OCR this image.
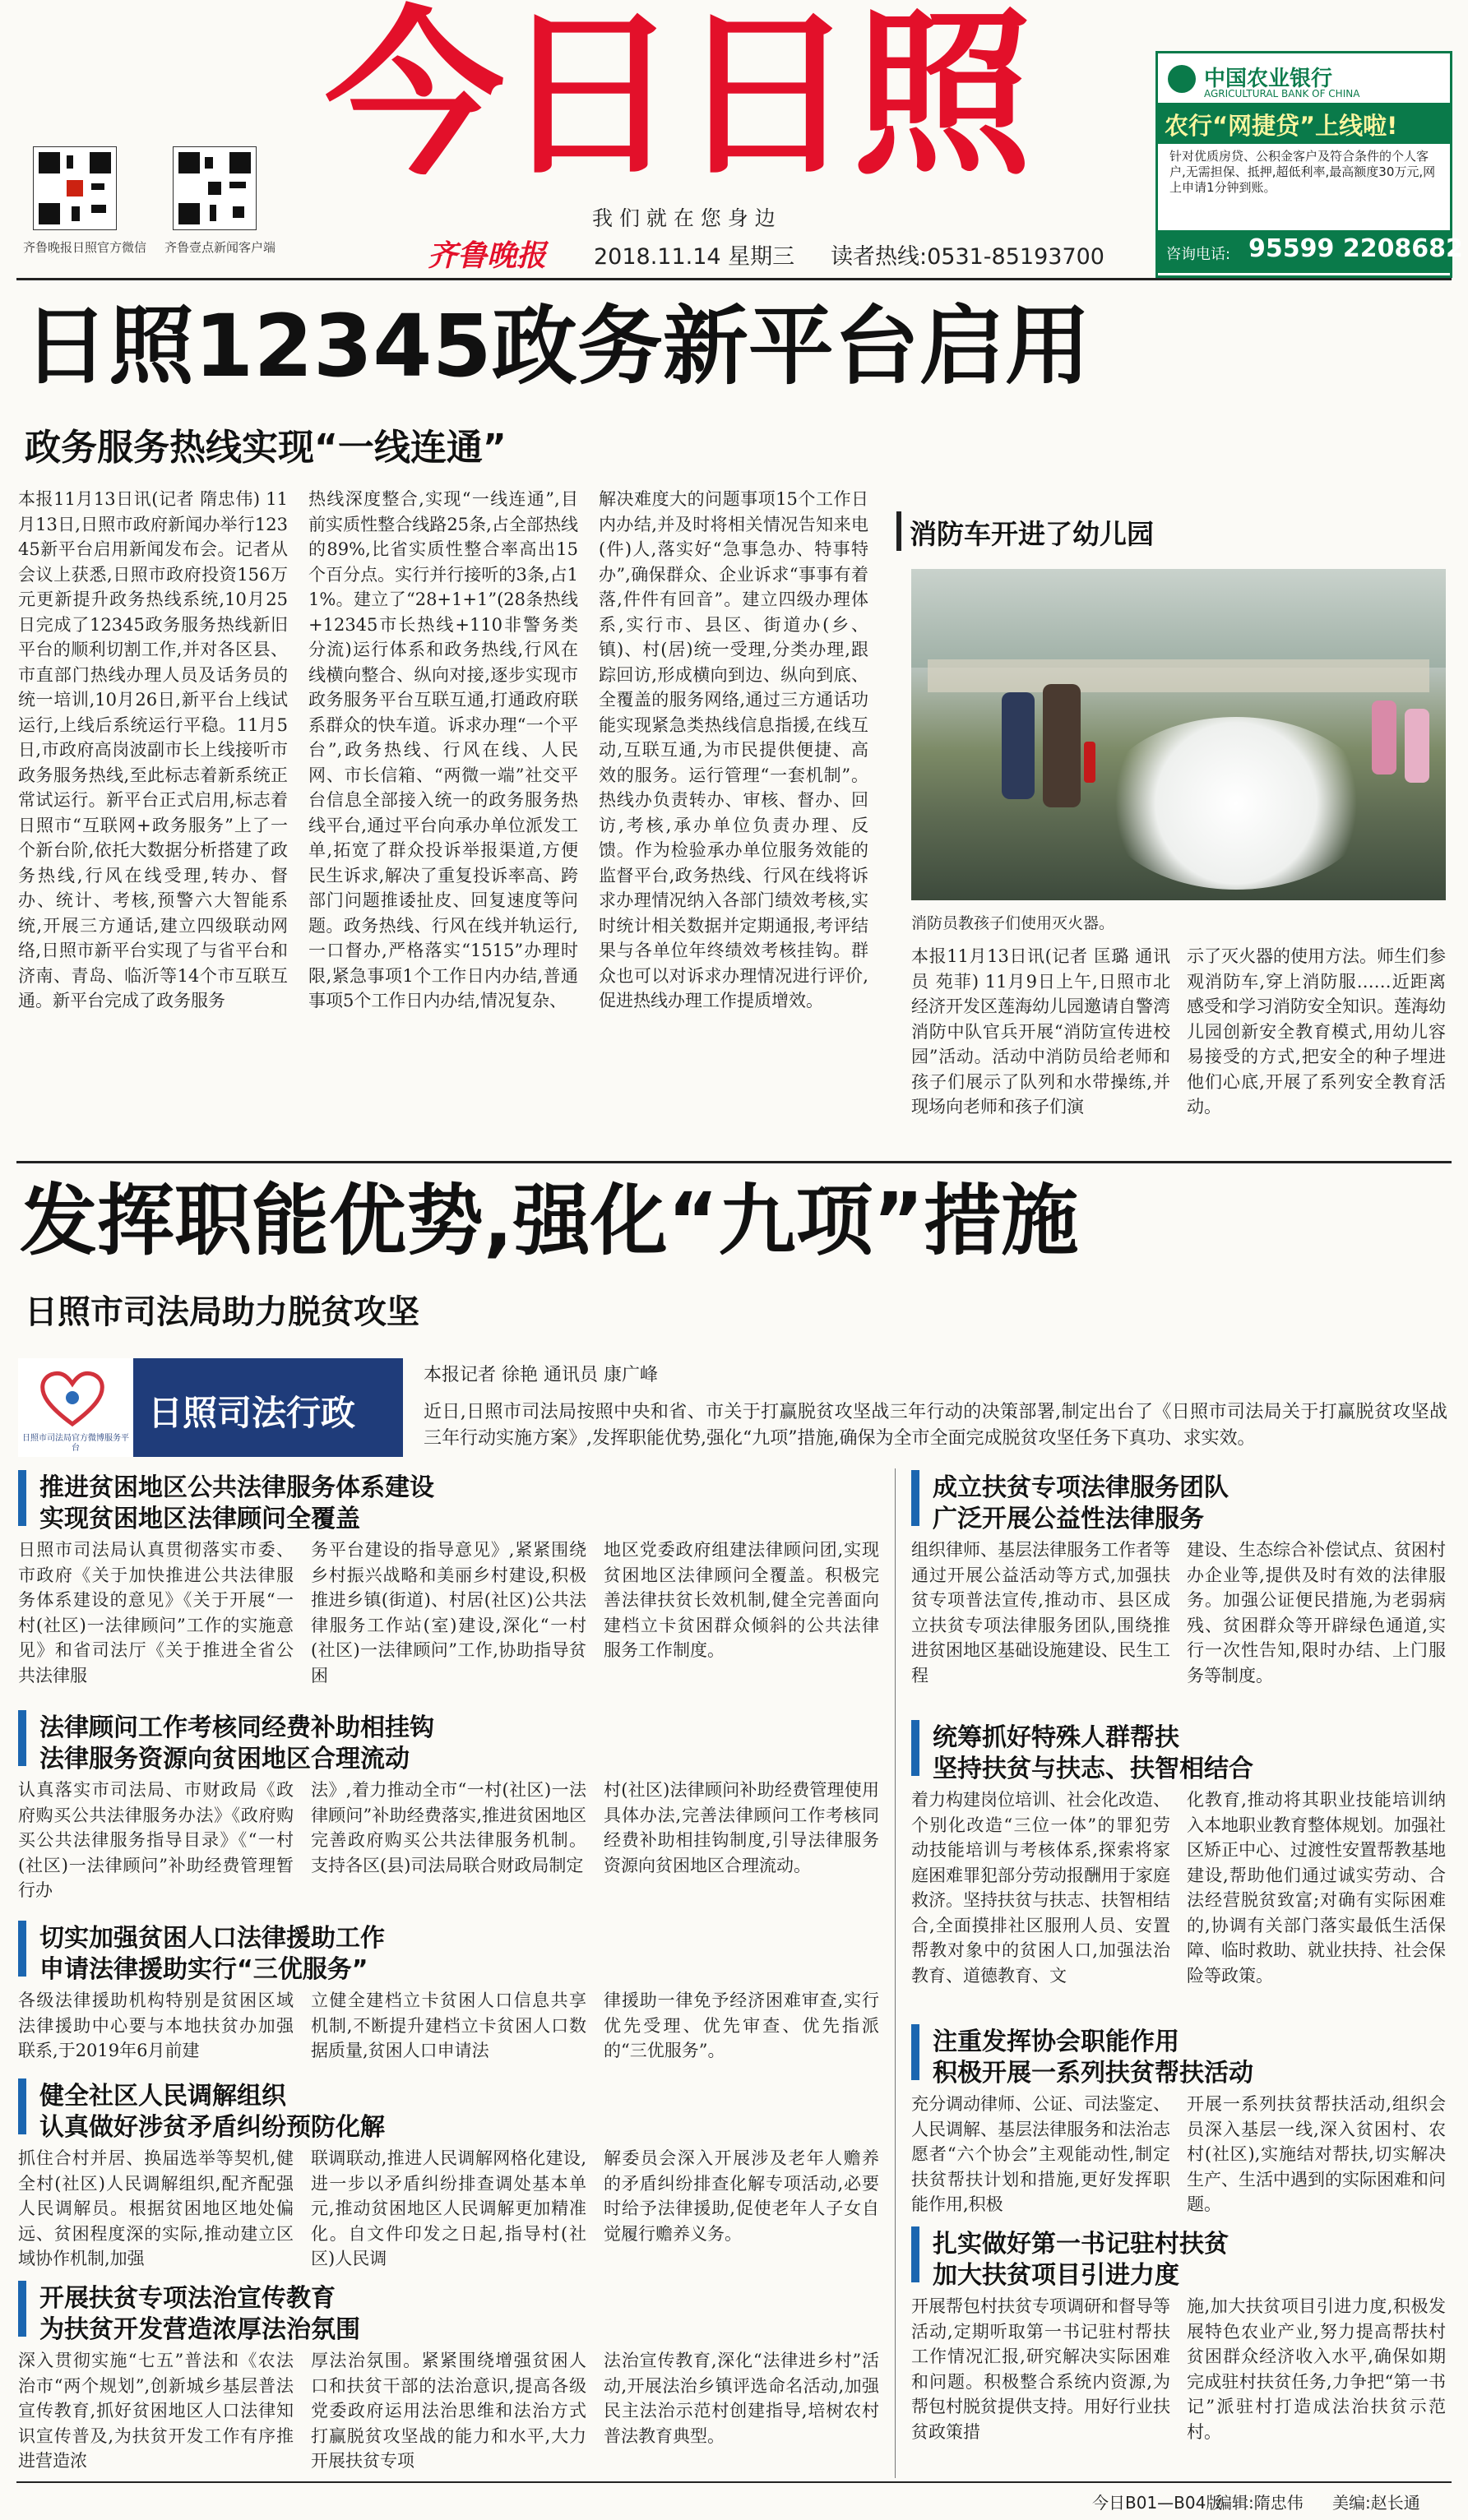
齐鲁晚报日照官方微信 齐鲁壹点新闻客户端
今日日照
我 们 就 在 您 身 边
齐鲁晚报 2018.11.14 星期三 读者热线:0531-85193700
中国农业银行
AGRICULTURAL BANK OF CHINA
农行“网捷贷”上线啦!
针对优质房贷、公积金客户及符合条件的个人客户,无需担保、抵押,超低利率,最高额度30万元,网上申请1分钟到账。
咨询电话: 95599 2208682
日照12345政务新平台启用
政务服务热线实现“一线连通”
本报11月13日讯(记者 隋忠伟) 11月13日,日照市政府新闻办举行12345新平台启用新闻发布会。记者从会议上获悉,日照市政府投资156万元更新提升政务热线系统,10月25日完成了12345政务服务热线新旧平台的顺利切割工作,并对各区县、市直部门热线办理人员及话务员的统一培训,10月26日,新平台上线试运行,上线后系统运行平稳。11月5日,市政府高岗波副市长上线接听市政务服务热线,至此标志着新系统正常试运行。新平台正式启用,标志着日照市“互联网+政务服务”上了一个新台阶,依托大数据分析搭建了政务热线,行风在线受理,转办、督办、统计、考核,预警六大智能系统,开展三方通话,建立四级联动网络,日照市新平台实现了与省平台和济南、青岛、临沂等14个市互联互通。新平台完成了政务服务
热线深度整合,实现“一线连通”,目前实质性整合线路25条,占全部热线的89%,比省实质性整合率高出15个百分点。实行并行接听的3条,占11%。建立了“28+1+1”(28条热线+12345市长热线+110非警务类分流)运行体系和政务热线,行风在线横向整合、纵向对接,逐步实现市政务服务平台互联互通,打通政府联系群众的快车道。诉求办理“一个平台”,政务热线、行风在线、人民网、市长信箱、“两微一端”社交平台信息全部接入统一的政务服务热线平台,通过平台向承办单位派发工单,拓宽了群众投诉举报渠道,方便民生诉求,解决了重复投诉率高、跨部门问题推诿扯皮、回复速度等问题。政务热线、行风在线并轨运行,一口督办,严格落实“1515”办理时限,紧急事项1个工作日内办结,普通事项5个工作日内办结,情况复杂、
解决难度大的问题事项15个工作日内办结,并及时将相关情况告知来电(件)人,落实好“急事急办、特事特办”,确保群众、企业诉求“事事有着落,件件有回音”。建立四级办理体系,实行市、县区、街道办(乡、镇)、村(居)统一受理,分类办理,跟踪回访,形成横向到边、纵向到底、全覆盖的服务网络,通过三方通话功能实现紧急类热线信息指援,在线互动,互联互通,为市民提供便捷、高效的服务。运行管理“一套机制”。热线办负责转办、审核、督办、回访,考核,承办单位负责办理、反馈。作为检验承办单位服务效能的监督平台,政务热线、行风在线将诉求办理情况纳入各部门绩效考核,实时统计相关数据并定期通报,考评结果与各单位年终绩效考核挂钩。群众也可以对诉求办理情况进行评价,促进热线办理工作提质增效。
消防车开进了幼儿园
消防员教孩子们使用灭火器。
本报11月13日讯(记者 匡璐 通讯员 苑菲) 11月9日上午,日照市北经济开发区莲海幼儿园邀请自警湾消防中队官兵开展“消防宣传进校园”活动。活动中消防员给老师和孩子们展示了队列和水带操练,并现场向老师和孩子们演
示了灭火器的使用方法。师生们参观消防车,穿上消防服……近距离感受和学习消防安全知识。莲海幼儿园创新安全教育模式,用幼儿容易接受的方式,把安全的种子埋进他们心底,开展了系列安全教育活动。
发挥职能优势,强化“九项”措施
日照市司法局助力脱贫攻坚
日照市司法局官方微博服务平台
日照司法行政
本报记者 徐艳 通讯员 康广峰
近日,日照市司法局按照中央和省、市关于打赢脱贫攻坚战三年行动的决策部署,制定出台了《日照市司法局关于打赢脱贫攻坚战三年行动实施方案》,发挥职能优势,强化“九项”措施,确保为全市全面完成脱贫攻坚任务下真功、求实效。
推进贫困地区公共法律服务体系建设
实现贫困地区法律顾问全覆盖
日照市司法局认真贯彻落实市委、市政府《关于加快推进公共法律服务体系建设的意见》《关于开展“一村(社区)一法律顾问”工作的实施意见》和省司法厅《关于推进全省公共法律服
务平台建设的指导意见》,紧紧围绕乡村振兴战略和美丽乡村建设,积极推进乡镇(街道)、村居(社区)公共法律服务工作站(室)建设,深化“一村(社区)一法律顾问”工作,协助指导贫困
地区党委政府组建法律顾问团,实现贫困地区法律顾问全覆盖。积极完善法律扶贫长效机制,健全完善面向建档立卡贫困群众倾斜的公共法律服务工作制度。
法律顾问工作考核同经费补助相挂钩
法律服务资源向贫困地区合理流动
认真落实市司法局、市财政局《政府购买公共法律服务办法》《政府购买公共法律服务指导目录》《“一村(社区)一法律顾问”补助经费管理暂行办
法》,着力推动全市“一村(社区)一法律顾问”补助经费落实,推进贫困地区完善政府购买公共法律服务机制。支持各区(县)司法局联合财政局制定
村(社区)法律顾问补助经费管理使用具体办法,完善法律顾问工作考核同经费补助相挂钩制度,引导法律服务资源向贫困地区合理流动。
切实加强贫困人口法律援助工作
申请法律援助实行“三优服务”
各级法律援助机构特别是贫困区域法律援助中心要与本地扶贫办加强联系,于2019年6月前建
立健全建档立卡贫困人口信息共享机制,不断提升建档立卡贫困人口数据质量,贫困人口申请法
律援助一律免予经济困难审查,实行优先受理、优先审查、优先指派的“三优服务”。
健全社区人民调解组织
认真做好涉贫矛盾纠纷预防化解
抓住合村并居、换届选举等契机,健全村(社区)人民调解组织,配齐配强人民调解员。根据贫困地区地处偏远、贫困程度深的实际,推动建立区域协作机制,加强
联调联动,推进人民调解网格化建设,进一步以矛盾纠纷排查调处基本单元,推动贫困地区人民调解更加精准化。自文件印发之日起,指导村(社区)人民调
解委员会深入开展涉及老年人赡养的矛盾纠纷排查化解专项活动,必要时给予法律援助,促使老年人子女自觉履行赡养义务。
开展扶贫专项法治宣传教育
为扶贫开发营造浓厚法治氛围
深入贯彻实施“七五”普法和《农法治市“两个规划”,创新城乡基层普法宣传教育,抓好贫困地区人口法律知识宣传普及,为扶贫开发工作有序推进营造浓
厚法治氛围。紧紧围绕增强贫困人口和扶贫干部的法治意识,提高各级党委政府运用法治思维和法治方式打赢脱贫攻坚战的能力和水平,大力开展扶贫专项
法治宣传教育,深化“法律进乡村”活动,开展法治乡镇评选命名活动,加强民主法治示范村创建指导,培树农村普法教育典型。
成立扶贫专项法律服务团队
广泛开展公益性法律服务
组织律师、基层法律服务工作者等通过开展公益活动等方式,加强扶贫专项普法宣传,推动市、县区成立扶贫专项法律服务团队,围绕推进贫困地区基础设施建设、民生工程
建设、生态综合补偿试点、贫困村办企业等,提供及时有效的法律服务。加强公证便民措施,为老弱病残、贫困群众等开辟绿色通道,实行一次性告知,限时办结、上门服务等制度。
统筹抓好特殊人群帮扶
坚持扶贫与扶志、扶智相结合
着力构建岗位培训、社会化改造、个别化改造“三位一体”的罪犯劳动技能培训与考核体系,探索将家庭困难罪犯部分劳动报酬用于家庭救济。坚持扶贫与扶志、扶智相结合,全面摸排社区服刑人员、安置帮教对象中的贫困人口,加强法治教育、道德教育、文
化教育,推动将其职业技能培训纳入本地职业教育整体规划。加强社区矫正中心、过渡性安置帮教基地建设,帮助他们通过诚实劳动、合法经营脱贫致富;对确有实际困难的,协调有关部门落实最低生活保障、临时救助、就业扶持、社会保险等政策。
注重发挥协会职能作用
积极开展一系列扶贫帮扶活动
充分调动律师、公证、司法鉴定、人民调解、基层法律服务和法治志愿者“六个协会”主观能动性,制定扶贫帮扶计划和措施,更好发挥职能作用,积极
开展一系列扶贫帮扶活动,组织会员深入基层一线,深入贫困村、农村(社区),实施结对帮扶,切实解决生产、生活中遇到的实际困难和问题。
扎实做好第一书记驻村扶贫
加大扶贫项目引进力度
开展帮包村扶贫专项调研和督导等活动,定期听取第一书记驻村帮扶工作情况汇报,研究解决实际困难和问题。积极整合系统内资源,为帮包村脱贫提供支持。用好行业扶贫政策措
施,加大扶贫项目引进力度,积极发展特色农业产业,努力提高帮扶村贫困群众经济收入水平,确保如期完成驻村扶贫任务,力争把“第一书记”派驻村打造成法治扶贫示范村。
今日B01—B04版
编辑:隋忠伟 美编:赵长通
